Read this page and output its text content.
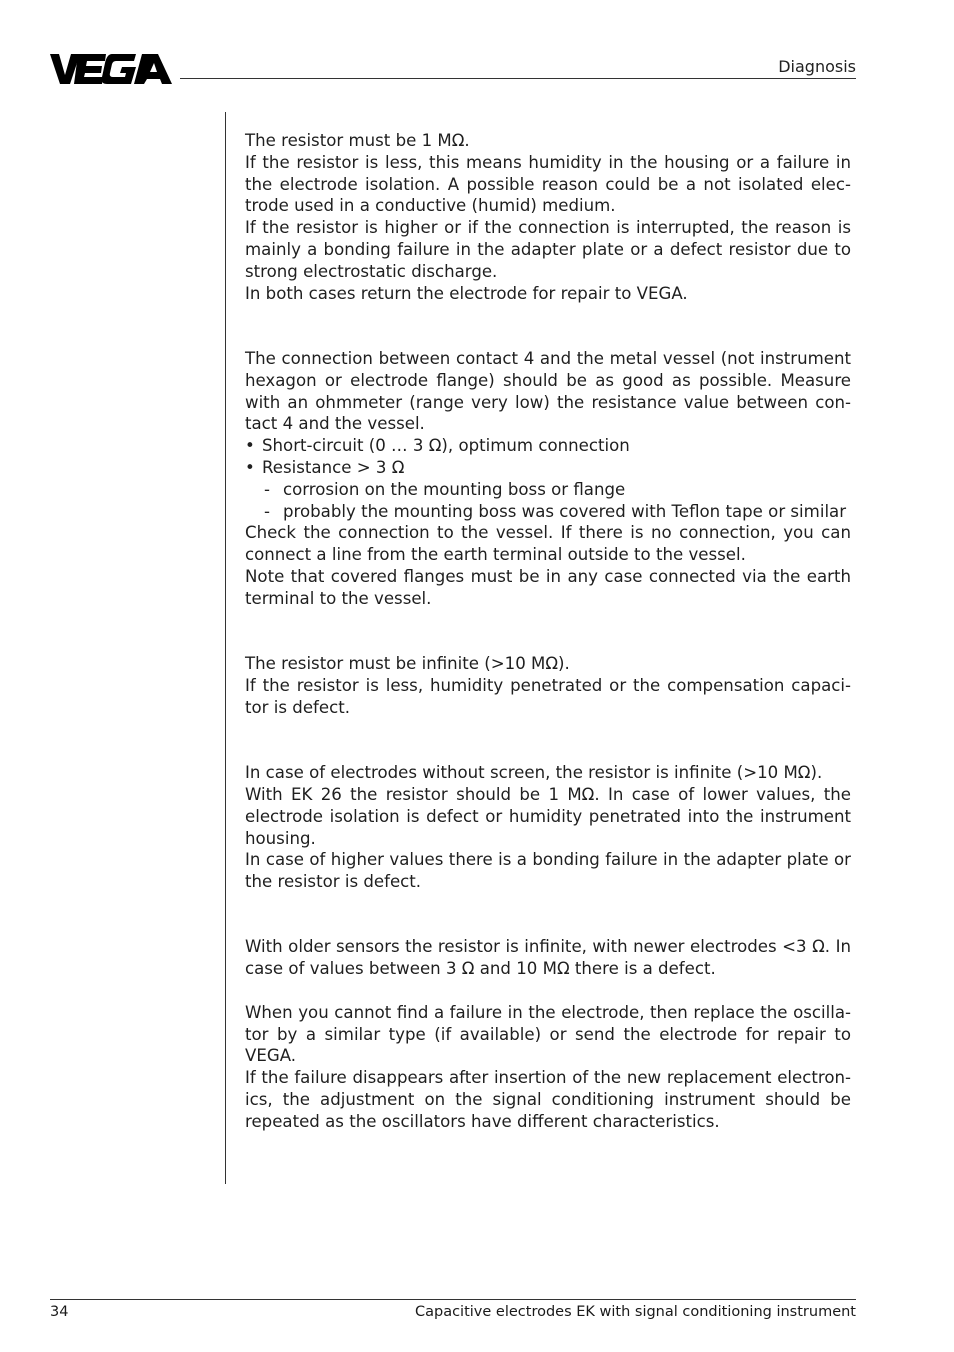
Diagnosis

The resistor must be 1 MΩ.

If the resistor is less, this means humidity in the housing or a failure in the electrode isolation. A possible reason could be a not isolated elec-trode used in a conductive (humid) medium.

If the resistor is higher or if the connection is interrupted, the reason is mainly a bonding failure in the adapter plate or a defect resistor due to strong electrostatic discharge.

In both cases return the electrode for repair to VEGA.

The connection between contact 4 and the metal vessel (not instrument hexagon or electrode flange) should be as good as possible. Measure with an ohmmeter (range very low) the resistance value between con-tact 4 and the vessel.

• Short-circuit (0 … 3 Ω), optimum connection

• Resistance > 3 Ω

- corrosion on the mounting boss or flange

- probably the mounting boss was covered with Teflon tape or similar

Check the connection to the vessel. If there is no connection, you can connect a line from the earth terminal outside to the vessel.

Note that covered flanges must be in any case connected via the earth terminal to the vessel.

The resistor must be infinite (>10 MΩ).

If the resistor is less, humidity penetrated or the compensation capaci-tor is defect.

In case of electrodes without screen, the resistor is infinite (>10 MΩ).

With EK 26 the resistor should be 1 MΩ. In case of lower values, the electrode isolation is defect or humidity penetrated into the instrument housing.

In case of higher values there is a bonding failure in the adapter plate or the resistor is defect.

With older sensors the resistor is infinite, with newer electrodes <3 Ω. In case of values between 3 Ω and 10 MΩ there is a defect.

When you cannot find a failure in the electrode, then replace the oscilla-tor by a similar type (if available) or send the electrode for repair to VEGA.

If the failure disappears after insertion of the new replacement electron-ics, the adjustment on the signal conditioning instrument should be repeated as the oscillators have different characteristics.

34	Capacitive electrodes EK with signal conditioning instrument
